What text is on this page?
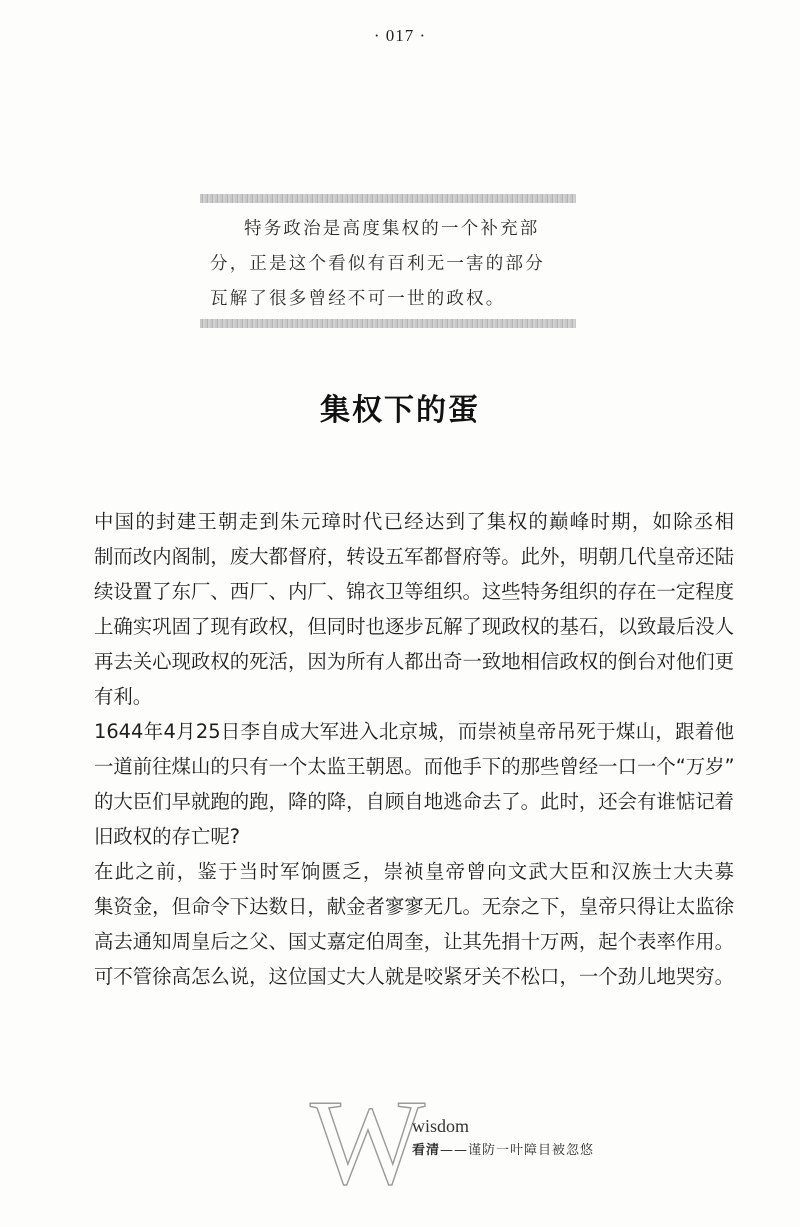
· 017 ·
特务政治是高度集权的一个补充部
分，正是这个看似有百利无一害的部分
瓦解了很多曾经不可一世的政权。
集权下的蛋
中国的封建王朝走到朱元璋时代已经达到了集权的巅峰时期，如除丞相
制而改内阁制，废大都督府，转设五军都督府等。此外，明朝几代皇帝还陆
续设置了东厂、西厂、内厂、锦衣卫等组织。这些特务组织的存在一定程度
上确实巩固了现有政权，但同时也逐步瓦解了现政权的基石，以致最后没人
再去关心现政权的死活，因为所有人都出奇一致地相信政权的倒台对他们更
有利。
1644年4月25日李自成大军进入北京城，而崇祯皇帝吊死于煤山，跟着他
一道前往煤山的只有一个太监王朝恩。而他手下的那些曾经一口一个“万岁”
的大臣们早就跑的跑，降的降，自顾自地逃命去了。此时，还会有谁惦记着
旧政权的存亡呢?
在此之前，鉴于当时军饷匮乏，崇祯皇帝曾向文武大臣和汉族士大夫募
集资金，但命令下达数日，献金者寥寥无几。无奈之下，皇帝只得让太监徐
高去通知周皇后之父、国丈嘉定伯周奎，让其先捐十万两，起个表率作用。
可不管徐高怎么说，这位国丈大人就是咬紧牙关不松口，一个劲儿地哭穷。
W
wisdom
看清——谨防一叶障目被忽悠
